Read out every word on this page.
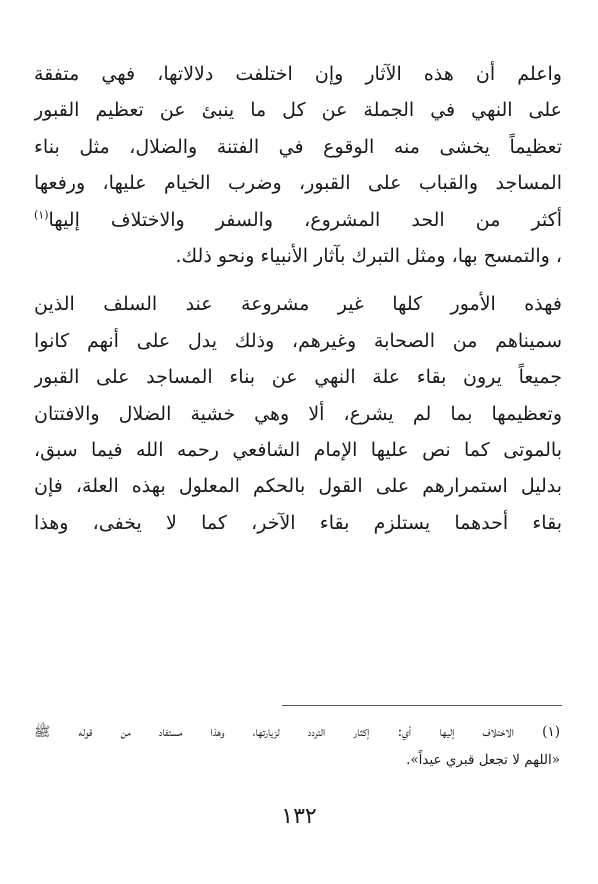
واعلم أن هذه الآثار وإن اختلفت دلالاتها، فهي متفقة
على النهي في الجملة عن كل ما ينبئ عن تعظيم القبور
تعظيماً يخشى منه الوقوع في الفتنة والضلال، مثل بناء
المساجد والقباب على القبور، وضرب الخيام عليها، ورفعها
أكثر من الحد المشروع، والسفر والاختلاف إليها$^{(١)}$
، والتمسح بها، ومثل التبرك بآثار الأنبياء ونحو ذلك.
فهذه الأمور كلها غير مشروعة عند السلف الذين
سميناهم من الصحابة وغيرهم، وذلك يدل على أنهم كانوا
جميعاً يرون بقاء علة النهي عن بناء المساجد على القبور
وتعظيمها بما لم يشرع، ألا وهي خشية الضلال والافتتان
بالموتى كما نص عليها الإمام الشافعي رحمه الله فيما سبق،
بدليل استمرارهم على القول بالحكم المعلول بهذه العلة، فإن
بقاء أحدهما يستلزم بقاء الآخر، كما لا يخفى، وهذا
(١) الاختلاف إليها أي: إكثار التردد لزيارتها، وهذا مستفاد من قوله ﷺ
«اللهم لا تجعل قبري عيداً».
١٣٢
